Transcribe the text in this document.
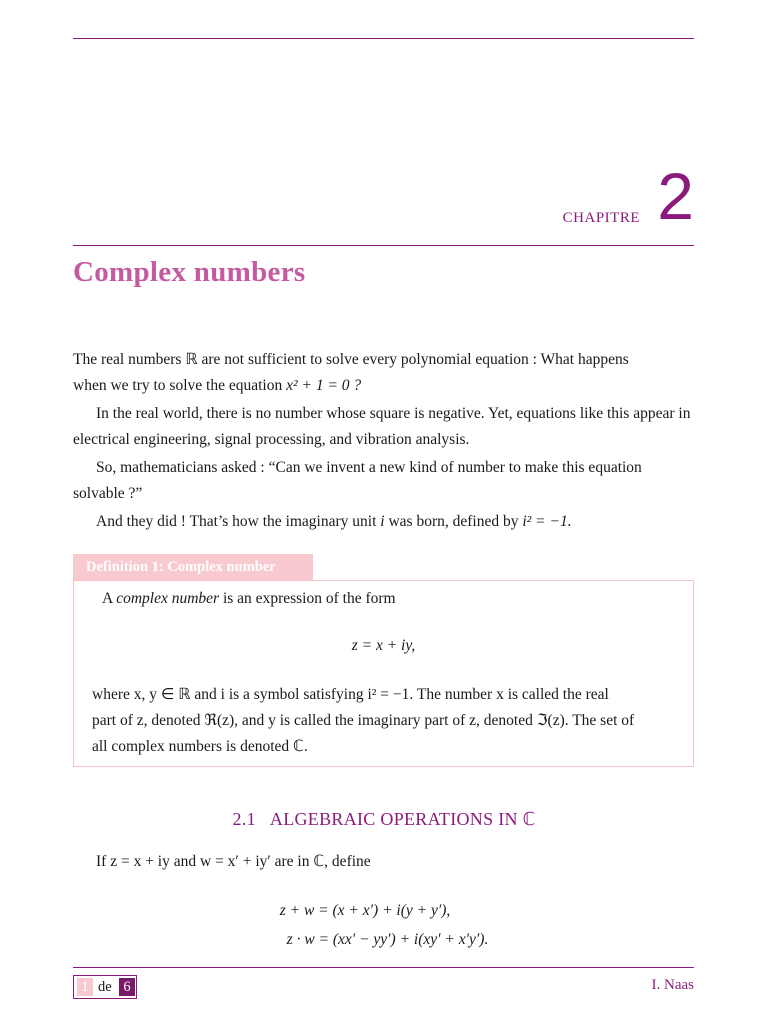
CHAPITRE 2
Complex numbers

The real numbers ℝ are not sufficient to solve every polynomial equation : What happens
when we try to solve the equation x² + 1 = 0 ?

In the real world, there is no number whose square is negative. Yet, equations like this appear in electrical engineering, signal processing, and vibration analysis.

So, mathematicians asked : “Can we invent a new kind of number to make this equation solvable ?”

And they did ! That’s how the imaginary unit i was born, defined by i² = −1.

Definition 1: Complex number
A complex number is an expression of the form
z = x + iy,
where x, y ∈ ℝ and i is a symbol satisfying i² = −1. The number x is called the real
part of z, denoted ℜ(z), and y is called the imaginary part of z, denoted ℑ(z). The set of
all complex numbers is denoted ℂ.
2.1 ALGEBRAIC OPERATIONS IN ℂ
If z = x + iy and w = x′ + iy′ are in ℂ, define
z + w = (x + x′) + i(y + y′),
z · w = (xx′ − yy′) + i(xy′ + x′y′).
1 de 6	I. Naas
